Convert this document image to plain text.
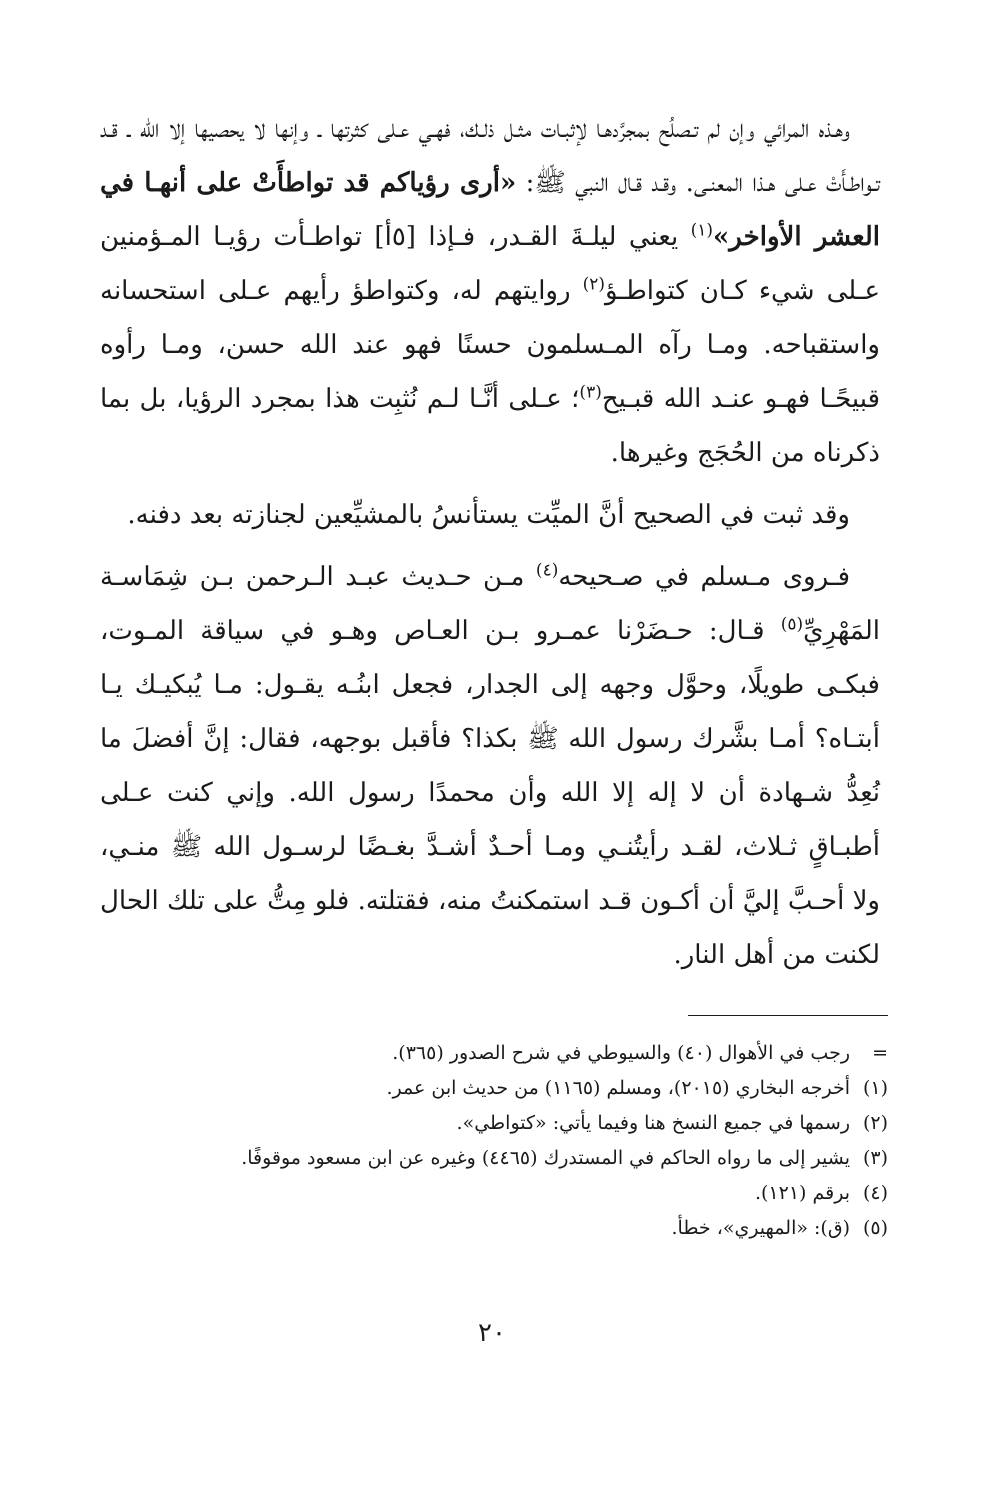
وهـذه المرائي وإن لم تـصلُح بمجرَّدهـا لإثبـات مثـل ذلـك، فهـي عـلى كثرتها ـ وإنها لا يحصيها إلا الله ـ قـد تـواطـأَتْ عـلى هـذا المعنـى. وقـد قـال النبي ﷺ: «أرى رؤياكم قد تواطأَتْ على أنهـا في العشر الأواخر»$^{(١)}$ يعني ليلـةَ القـدر، فـإذا [٥أ] تواطـأت رؤيـا المـؤمنين عـلى شيء كـان كتواطـؤ$^{(٢)}$ روايتهم له، وكتواطؤ رأيهم عـلى استحسانه واستقباحه. ومـا رآه المـسلمون حسنًا فهو عند الله حسن، ومـا رأوه قبيحًـا فهـو عنـد الله قبـيح$^{(٣)}$؛ عـلى أنَّـا لـم نُثبِت هذا بمجرد الرؤيا، بل بما ذكرناه من الحُجَج وغيرها.

وقد ثبت في الصحيح أنَّ الميِّت يستأنسُ بالمشيِّعين لجنازته بعد دفنه.

فـروى مـسلم في صـحيحه$^{(٤)}$ مـن حـديث عبـد الـرحمن بـن شِمَاسـة المَهْرِيِّ$^{(٥)}$ قـال: حـضَرْنا عمـرو بـن العـاص وهـو في سياقة المـوت، فبكـى طويلًا، وحوَّل وجهه إلى الجدار، فجعل ابنُـه يقـول: مـا يُبكيـك يـا أبتـاه؟ أمـا بشَّرك رسول الله ﷺ بكذا؟ فأقبل بوجهه، فقال: إنَّ أفضلَ ما نُعِدُّ شـهادة أن لا إله إلا الله وأن محمدًا رسول الله. وإني كنت عـلى أطبـاقٍ ثـلاث، لقـد رأيتُنـي ومـا أحـدٌ أشـدَّ بغـضًا لرسـول الله ﷺ منـي، ولا أحـبَّ إليَّ أن أكـون قـد استمكنتُ منه، فقتلته. فلو مِتُّ على تلك الحال لكنت من أهل النار.

=رجب في الأهوال (٤٠) والسيوطي في شرح الصدور (٣٦٥).

(١)أخرجه البخاري (٢٠١٥)، ومسلم (١١٦٥) من حديث ابن عمر.

(٢)رسمها في جميع النسخ هنا وفيما يأتي: «كتواطي».

(٣)يشير إلى ما رواه الحاكم في المستدرك (٤٤٦٥) وغيره عن ابن مسعود موقوفًا.

(٤)برقم (١٢١).

(٥)(ق): «المهيري»، خطأ.

٢٠
